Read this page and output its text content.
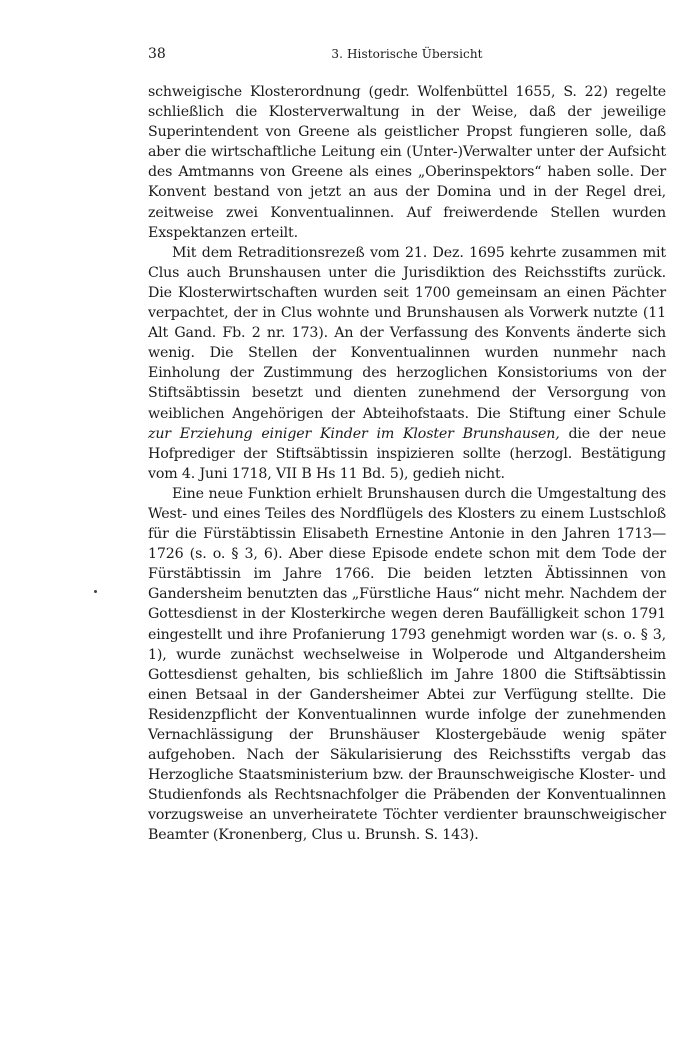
38	3. Historische Übersicht

schweigische Klosterordnung (gedr. Wolfenbüttel 1655, S. 22) regelte schließlich die Klosterverwaltung in der Weise, daß der jeweilige Superintendent von Greene als geistlicher Propst fungieren solle, daß aber die wirtschaftliche Leitung ein (Unter-)Verwalter unter der Aufsicht des Amtmanns von Greene als eines „Oberinspektors“ haben solle. Der Konvent bestand von jetzt an aus der Domina und in der Regel drei, zeitweise zwei Konventualinnen. Auf freiwerdende Stellen wurden Exspektanzen erteilt.

Mit dem Retraditionsrezeß vom 21. Dez. 1695 kehrte zusammen mit Clus auch Brunshausen unter die Jurisdiktion des Reichsstifts zurück. Die Klosterwirtschaften wurden seit 1700 gemeinsam an einen Pächter verpachtet, der in Clus wohnte und Brunshausen als Vorwerk nutzte (11 Alt Gand. Fb. 2 nr. 173). An der Verfassung des Konvents änderte sich wenig. Die Stellen der Konventualinnen wurden nunmehr nach Einholung der Zustimmung des herzoglichen Konsistoriums von der Stiftsäbtissin besetzt und dienten zunehmend der Versorgung von weiblichen Angehörigen der Abteihofstaats. Die Stiftung einer Schule zur Erziehung einiger Kinder im Kloster Brunshausen, die der neue Hofprediger der Stiftsäbtissin inspizieren sollte (herzogl. Bestätigung vom 4. Juni 1718, VII B Hs 11 Bd. 5), gedieh nicht.

Eine neue Funktion erhielt Brunshausen durch die Umgestaltung des West- und eines Teiles des Nordflügels des Klosters zu einem Lustschloß für die Fürstäbtissin Elisabeth Ernestine Antonie in den Jahren 1713—1726 (s. o. § 3, 6). Aber diese Episode endete schon mit dem Tode der Fürstäbtissin im Jahre 1766. Die beiden letzten Äbtissinnen von Gandersheim benutzten das „Fürstliche Haus“ nicht mehr. Nachdem der Gottesdienst in der Klosterkirche wegen deren Baufälligkeit schon 1791 eingestellt und ihre Profanierung 1793 genehmigt worden war (s. o. § 3, 1), wurde zunächst wechselweise in Wolperode und Altgandersheim Gottesdienst gehalten, bis schließlich im Jahre 1800 die Stiftsäbtissin einen Betsaal in der Gandersheimer Abtei zur Verfügung stellte. Die Residenzpflicht der Konventualinnen wurde infolge der zunehmenden Vernachlässigung der Brunshäuser Klostergebäude wenig später aufgehoben. Nach der Säkularisierung des Reichsstifts vergab das Herzogliche Staatsministerium bzw. der Braunschweigische Kloster- und Studienfonds als Rechtsnachfolger die Präbenden der Konventualinnen vorzugsweise an unverheiratete Töchter verdienter braunschweigischer Beamter (Kronenberg, Clus u. Brunsh. S. 143).
